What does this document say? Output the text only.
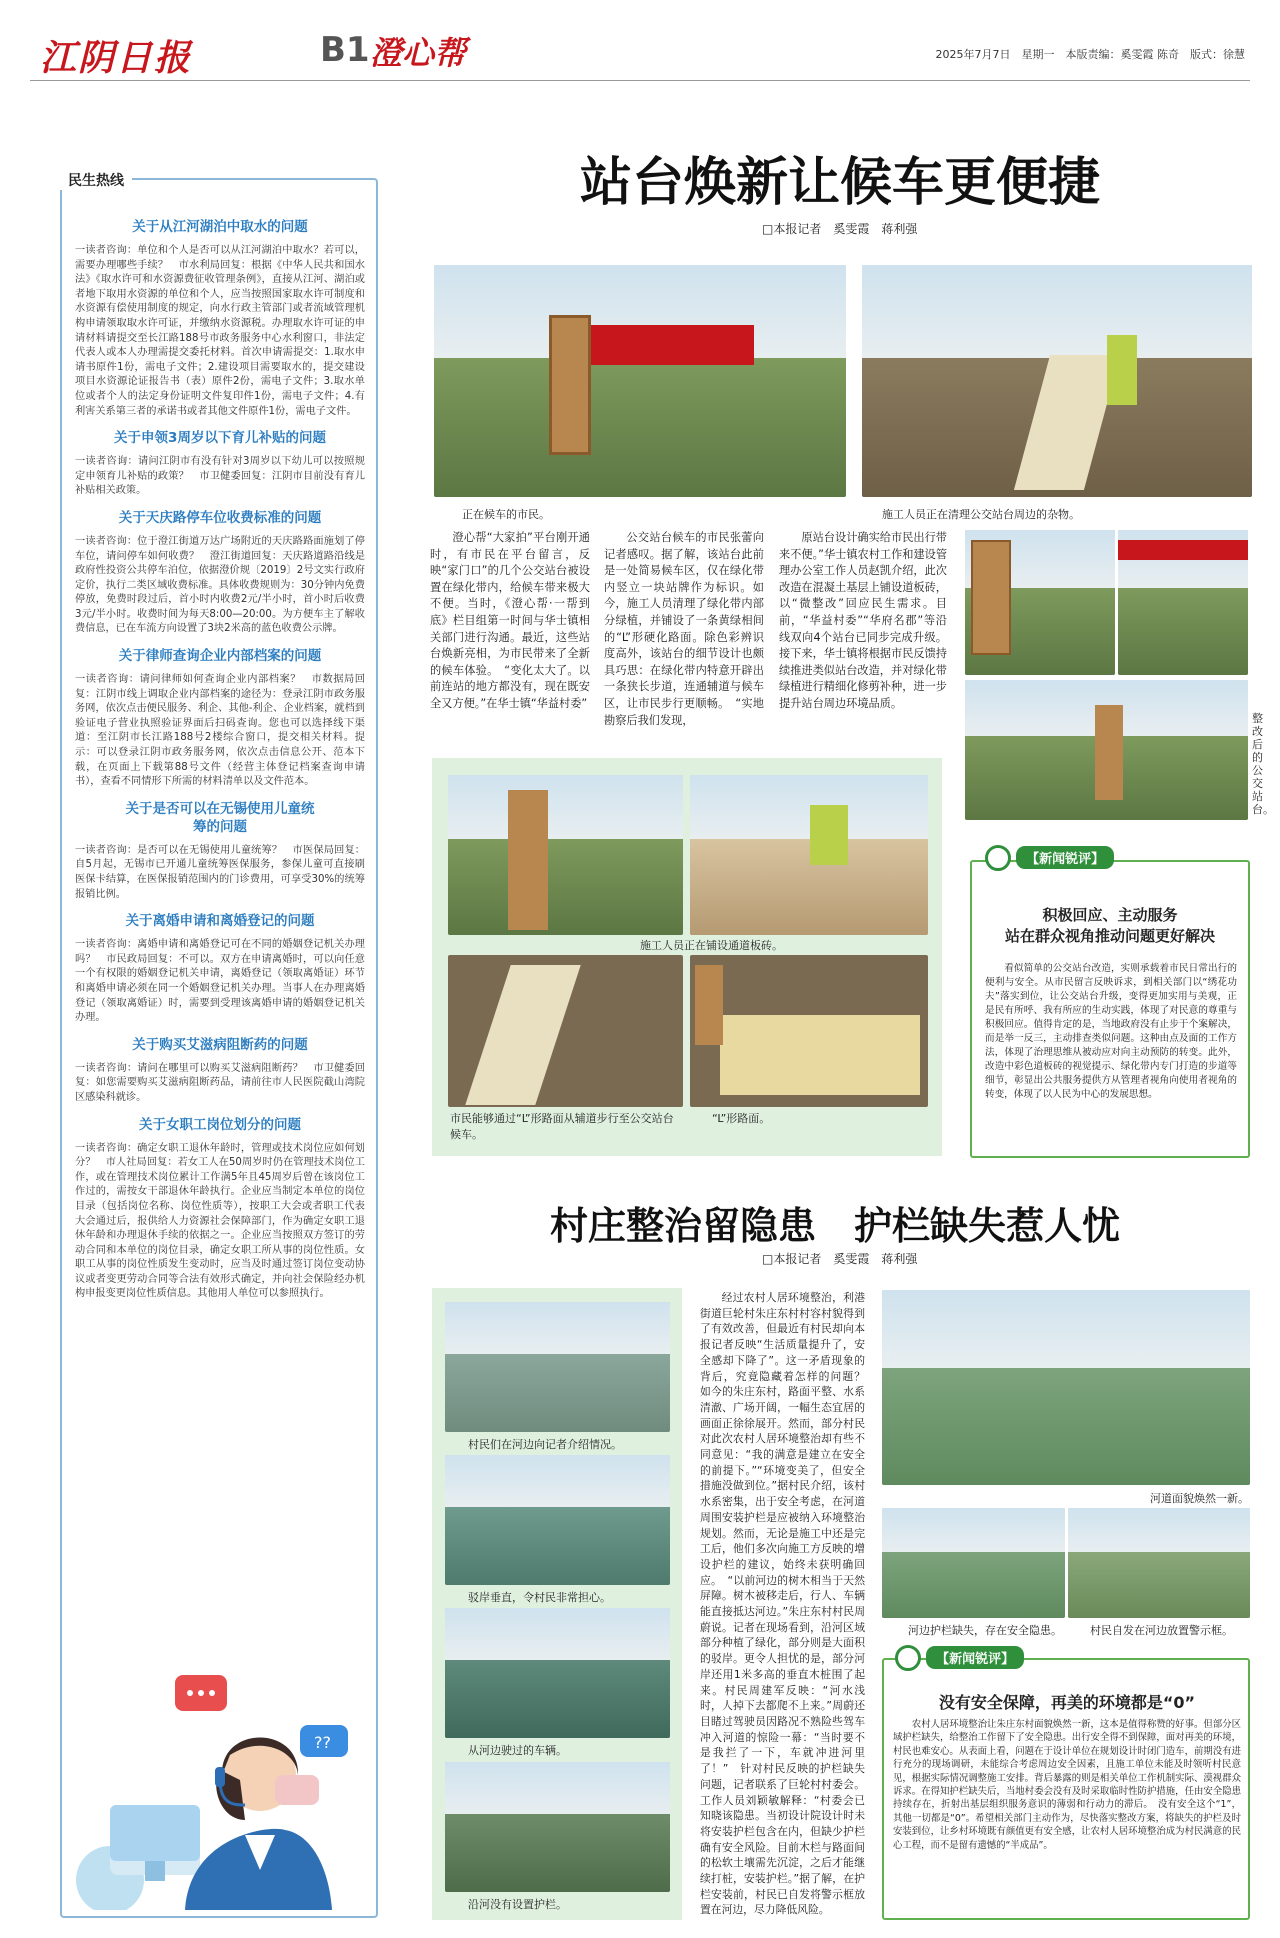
江阴日报	B1 澄心帮	2025年7月7日　星期一　本版责编：奚雯霞 陈奇　版式：徐慧
民生热线
关于从江河湖泊中取水的问题
一读者咨询：单位和个人是否可以从江河湖泊中取水？若可以，需要办理哪些手续？　市水利局回复：根据《中华人民共和国水法》《取水许可和水资源费征收管理条例》，直接从江河、湖泊或者地下取用水资源的单位和个人，应当按照国家取水许可制度和水资源有偿使用制度的规定，向水行政主管部门或者流域管理机构申请领取取水许可证，并缴纳水资源税。办理取水许可证的申请材料请提交至长江路188号市政务服务中心水利窗口，非法定代表人或本人办理需提交委托材料。首次申请需提交：1.取水申请书原件1份，需电子文件；2.建设项目需要取水的，提交建设项目水资源论证报告书（表）原件2份，需电子文件；3.取水单位或者个人的法定身份证明文件复印件1份，需电子文件；4.有利害关系第三者的承诺书或者其他文件原件1份，需电子文件。
关于申领3周岁以下育儿补贴的问题
一读者咨询：请问江阴市有没有针对3周岁以下幼儿可以按照规定申领育儿补贴的政策？　市卫健委回复：江阴市目前没有育儿补贴相关政策。
关于天庆路停车位收费标准的问题
一读者咨询：位于澄江街道万达广场附近的天庆路路面施划了停车位，请问停车如何收费？　澄江街道回复：天庆路道路沿线是政府性投资公共停车泊位，依据澄价规〔2019〕2号文实行政府定价，执行二类区域收费标准。具体收费规则为：30分钟内免费停放，免费时段过后，首小时内收费2元/半小时，首小时后收费3元/半小时。收费时间为每天8:00—20:00。为方便车主了解收费信息，已在车流方向设置了3块2米高的蓝色收费公示牌。
关于律师查询企业内部档案的问题
一读者咨询：请问律师如何查询企业内部档案？　市数据局回复：江阴市线上调取企业内部档案的途径为：登录江阴市政务服务网，依次点击便民服务、利企、其他-利企、企业档案，就档到验证电子营业执照验证界面后扫码查询。您也可以选择线下渠道：至江阴市长江路188号2楼综合窗口，提交相关材料。提示：可以登录江阴市政务服务网，依次点击信息公开、范本下载，在页面上下载第88号文件（经营主体登记档案查询申请书），查看不同情形下所需的材料清单以及文件范本。
关于是否可以在无锡使用儿童统筹的问题
一读者咨询：是否可以在无锡使用儿童统筹？　市医保局回复：自5月起，无锡市已开通儿童统筹医保服务，参保儿童可直接刷医保卡结算，在医保报销范围内的门诊费用，可享受30%的统筹报销比例。
关于离婚申请和离婚登记的问题
一读者咨询：离婚申请和离婚登记可在不同的婚姻登记机关办理吗？　市民政局回复：不可以。双方在申请离婚时，可以向任意一个有权限的婚姻登记机关申请，离婚登记（领取离婚证）环节和离婚申请必须在同一个婚姻登记机关办理。当事人在办理离婚登记（领取离婚证）时，需要到受理该离婚申请的婚姻登记机关办理。
关于购买艾滋病阻断药的问题
一读者咨询：请问在哪里可以购买艾滋病阻断药？　市卫健委回复：如您需要购买艾滋病阻断药品，请前往市人民医院截山湾院区感染科就诊。
关于女职工岗位划分的问题
一读者咨询：确定女职工退休年龄时，管理或技术岗位应如何划分？　市人社局回复：若女工人在50周岁时仍在管理技术岗位工作，或在管理技术岗位累计工作满5年且45周岁后曾在该岗位工作过的，需按女干部退休年龄执行。企业应当制定本单位的岗位目录（包括岗位名称、岗位性质等），按职工大会或者职工代表大会通过后，报供给人力资源社会保障部门，作为确定女职工退休年龄和办理退休手续的依据之一。企业应当按照双方签订的劳动合同和本单位的岗位目录，确定女职工所从事的岗位性质。女职工从事的岗位性质发生变动时，应当及时通过签订岗位变动协议或者变更劳动合同等合法有效形式确定，并向社会保险经办机构申报变更岗位性质信息。其他用人单位可以参照执行。
??
站台焕新让候车更便捷
□本报记者　奚雯霞　蒋利强
正在候车的市民。	施工人员正在清理公交站台周边的杂物。
澄心帮“大家拍”平台刚开通时，有市民在平台留言，反映“家门口”的几个公交站台被设置在绿化带内，给候车带来极大不便。当时，《澄心帮·一帮到底》栏目组第一时间与华士镇相关部门进行沟通。最近，这些站台焕新亮相，为市民带来了全新的候车体验。　“变化太大了。以前连站的地方都没有，现在既安全又方便。”在华士镇“华益村委”
公交站台候车的市民张蕾向记者感叹。据了解，该站台此前是一处简易候车区，仅在绿化带内竖立一块站牌作为标识。如今，施工人员清理了绿化带内部分绿植，并铺设了一条黄绿相间的“L”形硬化路面。除色彩辨识度高外，该站台的细节设计也颇具巧思：在绿化带内特意开辟出一条狭长步道，连通辅道与候车区，让市民步行更顺畅。　“实地勘察后我们发现，
原站台设计确实给市民出行带来不便。”华士镇农村工作和建设管理办公室工作人员赵凯介绍，此次改造在混凝土基层上铺设道板砖，以“微整改”回应民生需求。目前，“华益村委”“华府名郡”等沿线双向4个站台已同步完成升级。接下来，华士镇将根据市民反馈持续推进类似站台改造，并对绿化带绿植进行精细化修剪补种，进一步提升站台周边环境品质。
整改后的公交站台。
施工人员正在铺设通道板砖。
市民能够通过“L”形路面从辅道步行至公交站台候车。
“L”形路面。
【新闻锐评】
积极回应、主动服务
站在群众视角推动问题更好解决
看似简单的公交站台改造，实则承载着市民日常出行的便利与安全。从市民留言反映诉求，到相关部门以“绣花功夫”落实到位，让公交站台升级，变得更加实用与美观，正是民有所呼、我有所应的生动实践，体现了对民意的尊重与积极回应。值得肯定的是，当地政府没有止步于个案解决，而是举一反三，主动排查类似问题。这种由点及面的工作方法，体现了治理思维从被动应对向主动预防的转变。此外，改造中彩色道板砖的视觉提示、绿化带内专门打造的步道等细节，彰显出公共服务提供方从管理者视角向使用者视角的转变，体现了以人民为中心的发展思想。
村庄整治留隐患　护栏缺失惹人忧
□本报记者　奚雯霞　蒋利强
村民们在河边向记者介绍情况。
驳岸垂直，令村民非常担心。
从河边驶过的车辆。
沿河没有设置护栏。
经过农村人居环境整治，利港街道巨轮村朱庄东村村容村貌得到了有效改善，但最近有村民却向本报记者反映“生活质量提升了，安全感却下降了”。这一矛盾现象的背后，究竟隐藏着怎样的问题？　如今的朱庄东村，路面平整、水系清澈、广场开阔，一幅生态宜居的画面正徐徐展开。然而，部分村民对此次农村人居环境整治却有些不同意见：“我的满意是建立在安全的前提下。”“环境变美了，但安全措施没做到位。”据村民介绍，该村水系密集，出于安全考虑，在河道周围安装护栏是应被纳入环境整治规划。然而，无论是施工中还是完工后，他们多次向施工方反映的增设护栏的建议，始终未获明确回应。　“以前河边的树木相当于天然屏障。树木被移走后，行人、车辆能直接抵达河边。”朱庄东村村民周蔚说。记者在现场看到，沿河区域部分种植了绿化，部分则是大面积的驳岸。更令人担忧的是，部分河岸还用1米多高的垂直木桩围了起来。村民周建军反映：“河水浅时，人掉下去都爬不上来。”周蔚还目睹过驾驶员因路况不熟险些驾车冲入河道的惊险一幕：“当时要不是我拦了一下，车就冲进河里了！”　针对村民反映的护栏缺失问题，记者联系了巨轮村村委会。工作人员刘颖敏解释：“村委会已知晓该隐患。当初设计院设计时未将安装护栏包含在内，但缺少护栏确有安全风险。目前木栏与路面间的松软土壤需先沉淀，之后才能继续打桩，安装护栏。”据了解，在护栏安装前，村民已自发将警示框放置在河边，尽力降低风险。
河道面貌焕然一新。
河边护栏缺失，存在安全隐患。	村民自发在河边放置警示框。
【新闻锐评】
没有安全保障，再美的环境都是“0”
农村人居环境整治让朱庄东村面貌焕然一新，这本是值得称赞的好事。但部分区域护栏缺失，给整治工作留下了安全隐患。出行安全得不到保障，面对再美的环境，村民也难安心。从表面上看，问题在于设计单位在规划设计时闭门造车，前期没有进行充分的现场调研，未能综合考虑周边安全因素，且施工单位未能及时领听村民意见，根据实际情况调整施工安排。背后暴露的则是相关单位工作机制实际、漠视群众诉求。在得知护栏缺失后，当地村委会没有及时采取临时性防护措施，任由安全隐患持续存在，折射出基层组织服务意识的薄弱和行动力的滞后。　没有安全这个“1”，其他一切都是“0”。希望相关部门主动作为，尽快落实整改方案，将缺失的护栏及时安装到位，让乡村环境既有颜值更有安全感，让农村人居环境整治成为村民满意的民心工程，而不是留有遗憾的“半成品”。
